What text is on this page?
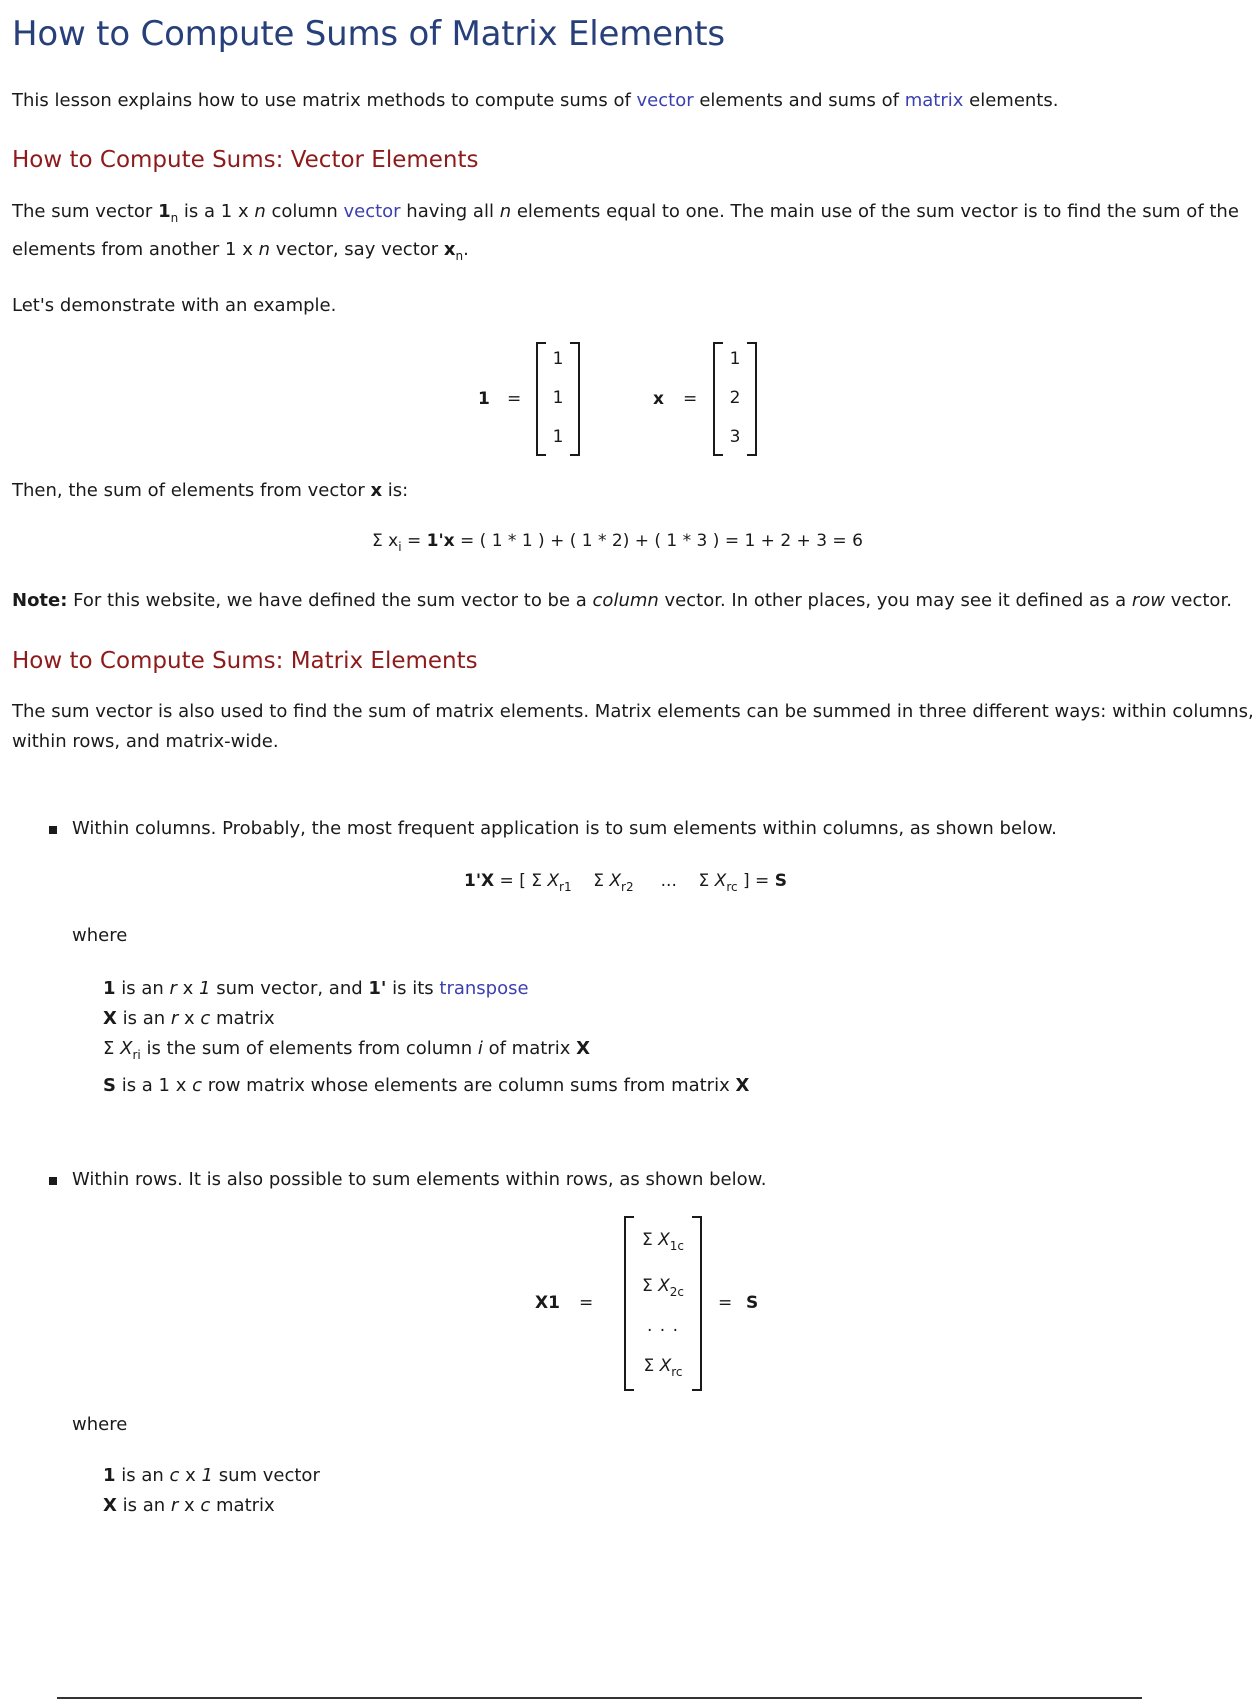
How to Compute Sums of Matrix Elements

This lesson explains how to use matrix methods to compute sums of vector elements and sums of matrix elements.

How to Compute Sums: Vector Elements

The sum vector $1_n$ is a 1 x n column vector having all n elements equal to one. The main use of the sum vector is to find the sum of the

elements from another 1 x n vector, say vector $x_n$.

Let's demonstrate with an example.

1 =
1
1
1
x =
1
2
3

Then, the sum of elements from vector x is:

Σ $x_i = 1'x$ = ( 1 * 1 ) + ( 1 * 2) + ( 1 * 3 ) = 1 + 2 + 3 = 6

Note: For this website, we have defined the sum vector to be a column vector. In other places, you may see it defined as a row vector.

How to Compute Sums: Matrix Elements

The sum vector is also used to find the sum of matrix elements. Matrix elements can be summed in three different ways: within columns,

within rows, and matrix-wide.

Within columns. Probably, the most frequent application is to sum elements within columns, as shown below.

1'X = [ Σ $X_{r1}$ Σ $X_{r2}$ ... Σ $X_{rc}$ ] = S

where

1 is an r x 1 sum vector, and 1' is its transpose
X is an r x c matrix
Σ $X_{ri}$ is the sum of elements from column i of matrix X
S is a 1 x c row matrix whose elements are column sums from matrix X

Within rows. It is also possible to sum elements within rows, as shown below.

X1 =
Σ $X_{1c}$
Σ $X_{2c}$
. . .
Σ $X_{rc}$
= S

where

1 is an c x 1 sum vector
X is an r x c matrix
